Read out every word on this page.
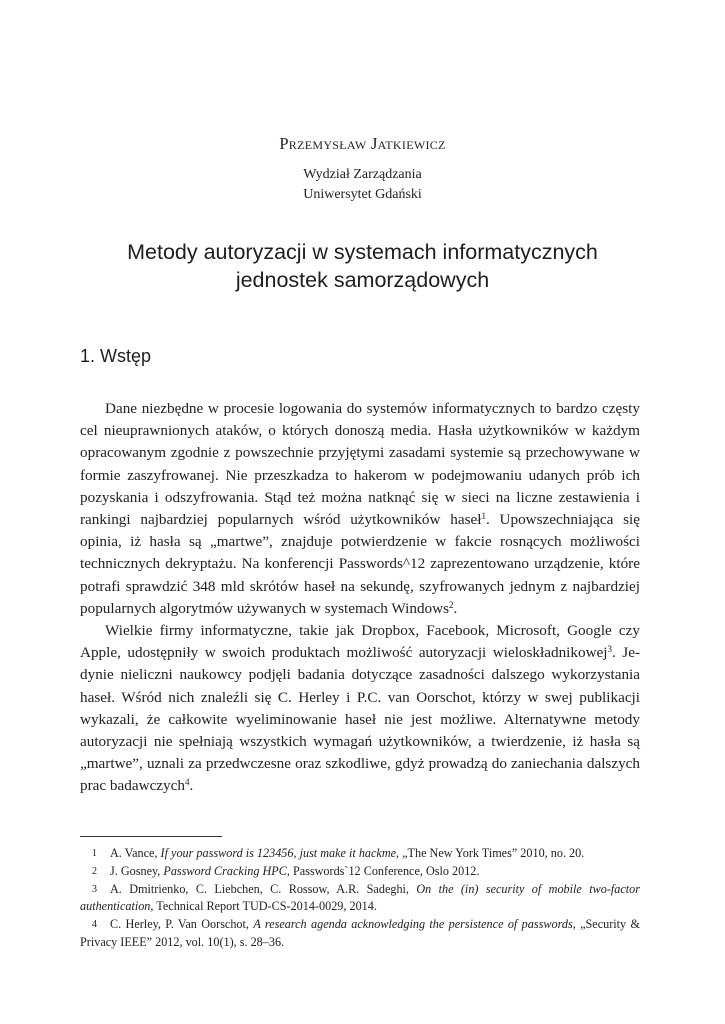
Przemysław Jatkiewicz
Wydział Zarządzania
Uniwersytet Gdański
Metody autoryzacji w systemach informatycznych
jednostek samorządowych
1. Wstęp

Dane niezbędne w procesie logowania do systemów informatycznych to bardzo częsty cel nieuprawnionych ataków, o których donoszą media. Hasła użytkowników w każdym opracowanym zgodnie z powszechnie przyjętymi zasadami systemie są przechowywane w formie zaszyfrowanej. Nie przeszkadza to hakerom w podejmowaniu udanych prób ich pozyskania i odszyfrowania. Stąd też można natknąć się w sieci na liczne zestawienia i rankingi najbardziej popularnych wśród użytkowników haseł$^1$. Upowszechniająca się opinia, iż hasła są „martwe”, znajduje potwierdzenie w fakcie rosnących możliwości technicznych dekryptażu. Na konferencji Passwords^12 zaprezentowano urządzenie, które potrafi sprawdzić 348 mld skrótów haseł na sekundę, szyfrowanych jednym z najbardziej popularnych algorytmów używanych w systemach Windows$^2$.

Wielkie firmy informatyczne, takie jak Dropbox, Facebook, Microsoft, Google czy Apple, udostępniły w swoich produktach możliwość autoryzacji wieloskładnikowej$^3$. Jedynie nieliczni naukowcy podjęli badania dotyczące zasadności dalszego wykorzystania haseł. Wśród nich znaleźli się C. Herley i P.C. van Oorschot, którzy w swej publikacji wykazali, że całkowite wyeliminowanie haseł nie jest możliwe. Alternatywne metody autoryzacji nie spełniają wszystkich wymagań użytkowników, a twierdzenie, iż hasła są „martwe”, uznali za przedwczesne oraz szkodliwe, gdyż prowadzą do zaniechania dalszych prac badawczych$^4$.

1 A. Vance, If your password is 123456, just make it hackme, „The New York Times” 2010, no. 20.

2 J. Gosney, Password Cracking HPC, Passwords`12 Conference, Oslo 2012.

3 A. Dmitrienko, C. Liebchen, C. Rossow, A.R. Sadeghi, On the (in) security of mobile two-factor authentication, Technical Report TUD-CS-2014-0029, 2014.

4 C. Herley, P. Van Oorschot, A research agenda acknowledging the persistence of passwords, „Security & Privacy IEEE” 2012, vol. 10(1), s. 28–36.
